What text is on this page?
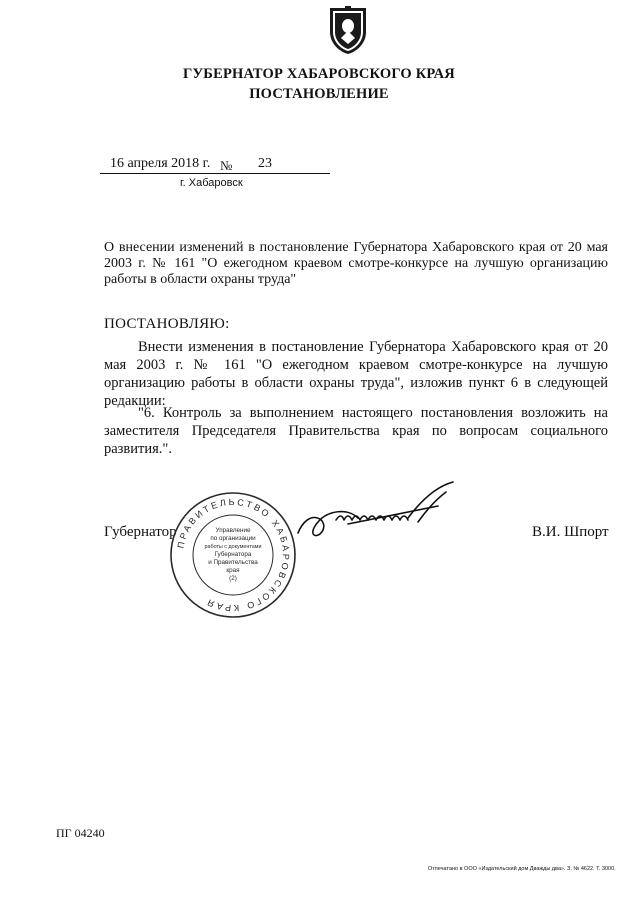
ГУБЕРНАТОР ХАБАРОВСКОГО КРАЯ
ПОСТАНОВЛЕНИЕ
16 апреля 2018 г. № 23
г. Хабаровск
О внесении изменений в постановление Губернатора Хабаровского края от 20 мая 2003 г. № 161 "О ежегодном краевом смотре-конкурсе на лучшую организацию работы в области охраны труда"
ПОСТАНОВЛЯЮ:
Внести изменения в постановление Губернатора Хабаровского края от 20 мая 2003 г. № 161 "О ежегодном краевом смотре-конкурсе на лучшую организацию работы в области охраны труда", изложив пункт 6 в следующей редакции:
"6. Контроль за выполнением настоящего постановления возложить на заместителя Председателя Правительства края по вопросам социального развития.".
Губернатор	В.И. Шпорт
ПРАВИТЕЛЬСТВО ХАБАРОВСКОГО КРАЯ
Управление
по организации
работы с документами
Губернатора
и Правительства
края
(2)
ПГ 04240
Отпечатано в ООО «Издательский дом Дважды два». З. № 4622. Т. 3000.
